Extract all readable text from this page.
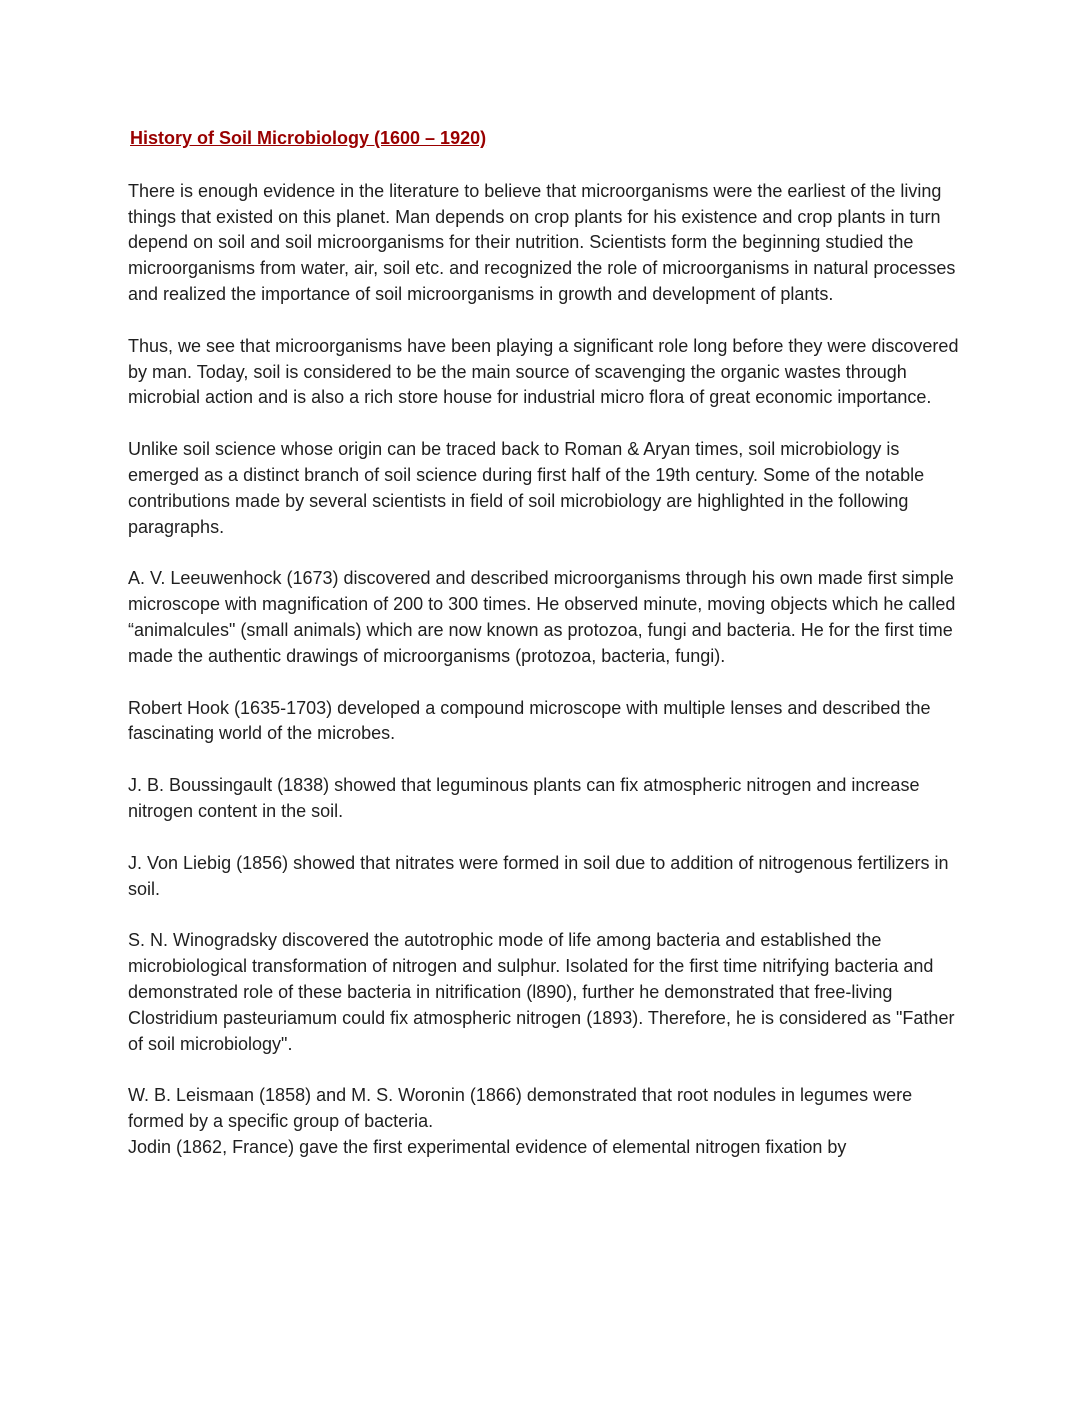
History of Soil Microbiology (1600 – 1920)

There is enough evidence in the literature to believe that microorganisms were the earliest of the living things that existed on this planet. Man depends on crop plants for his existence and crop plants in turn depend on soil and soil microorganisms for their nutrition. Scientists form the beginning studied the microorganisms from water, air, soil etc. and recognized the role of microorganisms in natural processes and realized the importance of soil microorganisms in growth and development of plants.

Thus, we see that microorganisms have been playing a significant role long before they were discovered by man. Today, soil is considered to be the main source of scavenging the organic wastes through microbial action and is also a rich store house for industrial micro flora of great economic importance.

Unlike soil science whose origin can be traced back to Roman & Aryan times, soil microbiology is emerged as a distinct branch of soil science during first half of the 19th century. Some of the notable contributions made by several scientists in field of soil microbiology are highlighted in the following paragraphs.

A. V. Leeuwenhock (1673) discovered and described microorganisms through his own made first simple microscope with magnification of 200 to 300 times. He observed minute, moving objects which he called “animalcules" (small animals) which are now known as protozoa, fungi and bacteria. He for the first time made the authentic drawings of microorganisms (protozoa, bacteria, fungi).

Robert Hook (1635-1703) developed a compound microscope with multiple lenses and described the fascinating world of the microbes.

J. B. Boussingault (1838) showed that leguminous plants can fix atmospheric nitrogen and increase nitrogen content in the soil.

J. Von Liebig (1856) showed that nitrates were formed in soil due to addition of nitrogenous fertilizers in soil.

S. N. Winogradsky discovered the autotrophic mode of life among bacteria and established the microbiological transformation of nitrogen and sulphur. Isolated for the first time nitrifying bacteria and demonstrated role of these bacteria in nitrification (l890), further he demonstrated that free-living Clostridium pasteuriamum could fix atmospheric nitrogen (1893). Therefore, he is considered as "Father of soil microbiology".

W. B. Leismaan (1858) and M. S. Woronin (1866) demonstrated that root nodules in legumes were formed by a specific group of bacteria.

Jodin (1862, France) gave the first experimental evidence of elemental nitrogen fixation by
